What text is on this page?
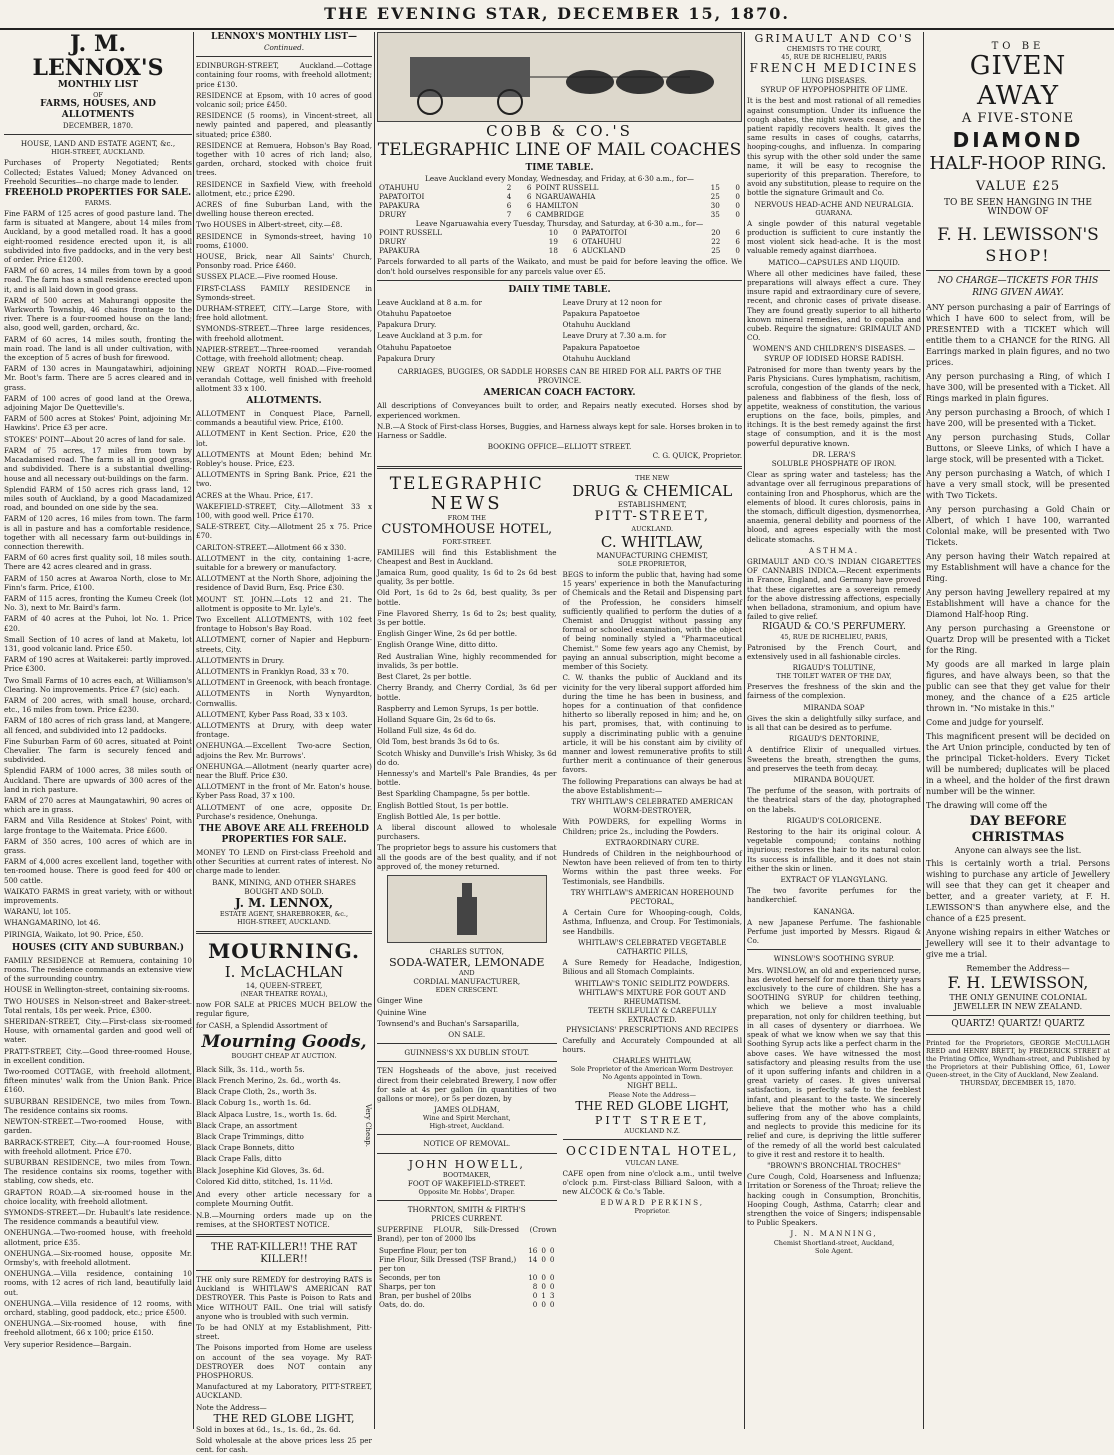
THE EVENING STAR, DECEMBER 15, 1870.
J. M. LENNOX'S
MONTHLY LIST
OF
FARMS, HOUSES, AND ALLOTMENTS
DECEMBER, 1870.
HOUSE, LAND AND ESTATE AGENT, &c.,
HIGH-STREET, AUCKLAND.
Purchases of Property Negotiated; Rents Collected; Estates Valued; Money Advanced on Freehold Securities—no charge made to lender.
FREEHOLD PROPERTIES FOR SALE.
FARMS.
Fine FARM of 125 acres of good pasture land. The farm is situated at Mangere, about 14 miles from Auckland, by a good metalled road. It has a good eight-roomed residence erected upon it, is all subdivided into five paddocks, and in the very best of order. Price £1200.
FARM of 60 acres, 14 miles from town by a good road. The farm has a small residence erected upon it, and is all laid down in good grass.
FARM of 500 acres at Mahurangi opposite the Warkworth Township, 46 chains frontage to the river. There is a four-roomed house on the land; also, good well, garden, orchard, &c.
FARM of 60 acres, 14 miles south, fronting the main road. The land is all under cultivation, with the exception of 5 acres of bush for firewood.
FARM of 130 acres in Maungatawhiri, adjoining Mr. Boot's farm. There are 5 acres cleared and in grass.
FARM of 100 acres of good land at the Orewa, adjoining Major De Quetteville's.
FARM of 500 acres at Stokes' Point, adjoining Mr. Hawkins'. Price £3 per acre.
STOKES' POINT—About 20 acres of land for sale.
FARM of 75 acres, 17 miles from town by Macadamised road. The farm is all in good grass, and subdivided. There is a substantial dwelling-house and all necessary out-buildings on the farm.
Splendid FARM of 150 acres rich grass land, 12 miles south of Auckland, by a good Macadamized road, and bounded on one side by the sea.
FARM of 120 acres, 16 miles from town. The farm is all in pasture and has a comfortable residence, together with all necessary farm out-buildings in connection therewith.
FARM of 60 acres first quality soil, 18 miles south. There are 42 acres cleared and in grass.
FARM of 150 acres at Awaroa North, close to Mr. Finn's farm. Price, £100.
FARM of 115 acres, fronting the Kumeu Creek (lot No. 3), next to Mr. Baird's farm.
FARM of 40 acres at the Puhoi, lot No. 1. Price £20.
Small Section of 10 acres of land at Maketu, lot 131, good volcanic land. Price £50.
FARM of 190 acres at Waitakerei: partly improved. Price £300.
Two Small Farms of 10 acres each, at Williamson's Clearing. No improvements. Price £7 (sic) each.
FARM of 200 acres, with small house, orchard, etc., 16 miles from town. Price £230.
FARM of 180 acres of rich grass land, at Mangere, all fenced, and subdivided into 12 paddocks.
Fine Suburban Farm of 60 acres, situated at Point Chevalier. The farm is securely fenced and subdivided.
Splendid FARM of 1000 acres, 38 miles south of Auckland. There are upwards of 300 acres of the land in rich pasture.
FARM of 270 acres at Maungatawhiri, 90 acres of which are in grass.
FARM and Villa Residence at Stokes' Point, with large frontage to the Waitemata. Price £600.
FARM of 350 acres, 100 acres of which are in grass.
FARM of 4,000 acres excellent land, together with ten-roomed house. There is good feed for 400 or 500 cattle.
WAIKATO FARMS in great variety, with or without improvements.
WARANU, lot 105.
WHANGAMARINO, lot 46.
PIRINGIA, Waikato, lot 90. Price, £50.
HOUSES (CITY AND SUBURBAN.)
FAMILY RESIDENCE at Remuera, containing 10 rooms. The residence commands an extensive view of the surrounding country.
HOUSE in Wellington-street, containing six-rooms.
TWO HOUSES in Nelson-street and Baker-street. Total rentals, 18s per week. Price, £300.
SHERIDAN-STREET, City.—First-class six-roomed House, with ornamental garden and good well of water.
PRATT-STREET, City.—Good three-roomed House, in excellent condition.
Two-roomed COTTAGE, with freehold allotment, fifteen minutes' walk from the Union Bank. Price £160.
SUBURBAN RESIDENCE, two miles from Town. The residence contains six rooms.
NEWTON-STREET.—Two-roomed House, with garden.
BARRACK-STREET, City.—A four-roomed House, with freehold allotment. Price £70.
SUBURBAN RESIDENCE, two miles from Town. The residence contains six rooms, together with stabling, cow sheds, etc.
GRAFTON ROAD.—A six-roomed house in the choice locality, with freehold allotment.
SYMONDS-STREET.—Dr. Hubault's late residence. The residence commands a beautiful view.
ONEHUNGA.—Two-roomed house, with freehold allotment, price £35.
ONEHUNGA.—Six-roomed house, opposite Mr. Ormsby's, with freehold allotment.
ONEHUNGA.—Villa residence, containing 10 rooms, with 12 acres of rich land, beautifully laid out.
ONEHUNGA.—Villa residence of 12 rooms, with orchard, stabling, good paddock, etc.; price £500.
ONEHUNGA.—Six-roomed house, with fine freehold allotment, 66 x 100; price £150.
Very superior Residence—Bargain.
LENNOX'S MONTHLY LIST—
Continued.
EDINBURGH-STREET, Auckland.—Cottage containing four rooms, with freehold allotment; price £130.
RESIDENCE at Epsom, with 10 acres of good volcanic soil; price £450.
RESIDENCE (5 rooms), in Vincent-street, all newly painted and papered, and pleasantly situated; price £380.
RESIDENCE at Remuera, Hobson's Bay Road, together with 10 acres of rich land; also, garden, orchard, stocked with choice fruit trees.
RESIDENCE in Saxfield View, with freehold allotment, etc.; price £290.
ACRES of fine Suburban Land, with the dwelling house thereon erected.
Two HOUSES in Albert-street, city.—£8.
RESIDENCE in Symonds-street, having 10 rooms, £1000.
HOUSE, Brick, near All Saints' Church, Ponsonby road. Price £460.
SUSSEX PLACE.—Five roomed House.
FIRST-CLASS FAMILY RESIDENCE in Symonds-street.
DURHAM-STREET, CITY.—Large Store, with free hold allotment.
SYMONDS-STREET.—Three large residences, with freehold allotment.
NAPIER-STREET.—Three-roomed verandah Cottage, with freehold allotment; cheap.
NEW GREAT NORTH ROAD.—Five-roomed verandah Cottage, well finished with freehold allotment 33 x 100.
ALLOTMENTS.
ALLOTMENT in Conquest Place, Parnell, commands a beautiful view. Price, £100.
ALLOTMENT in Kent Section. Price, £20 the lot.
ALLOTMENTS at Mount Eden; behind Mr. Robley's house. Price, £23.
ALLOTMENTS in Spring Bank. Price, £21 the two.
ACRES at the Whau. Price, £17.
WAKEFIELD-STREET, City.—Allotment 33 x 100, with good well. Price £170.
SALE-STREET, City.—Allotment 25 x 75. Price £70.
CARLTON-STREET.—Allotment 66 x 330.
ALLOTMENT in the city, containing 1-acre, suitable for a brewery or manufactory.
ALLOTMENT at the North Shore, adjoining the residence of David Burn, Esq. Price £30.
MOUNT ST. JOHN.—Lots 12 and 21. The allotment is opposite to Mr. Lyle's.
Two Excellent ALLOTMENTS, with 102 feet frontage to Hobson's Bay Road.
ALLOTMENT, corner of Napier and Hepburn-streets, City.
ALLOTMENTS in Drury.
ALLOTMENTS in Franklyn Road, 33 x 70.
ALLOTMENT in Greenock, with beach frontage.
ALLOTMENTS in North Wynyardton, Cornwallis.
ALLOTMENT, Kyber Pass Road, 33 x 103.
ALLOTMENTS at Drury, with deep water frontage.
ONEHUNGA.—Excellent Two-acre Section, adjoins the Rev. Mr. Burrows'.
ONEHUNGA.—Allotment (nearly quarter acre) near the Bluff. Price £30.
ALLOTMENT in the front of Mr. Eaton's house. Kyber Pass Road, 37 x 100.
ALLOTMENT of one acre, opposite Dr. Purchase's residence, Onehunga.
THE ABOVE ARE ALL FREEHOLD PROPERTIES FOR SALE.
MONEY TO LEND on First-class Freehold and other Securities at current rates of interest. No charge made to lender.
BANK, MINING, AND OTHER SHARES BOUGHT AND SOLD.
J. M. LENNOX,
ESTATE AGENT, SHAREBROKER, &c.,
HIGH-STREET, AUCKLAND.
MOURNING.
I. McLACHLAN
14, QUEEN-STREET,
(NEAR THEATRE ROYAL),
now FOR SALE at PRICES MUCH BELOW the regular figure,
for CASH, a Splendid Assortment of
Mourning Goods,
BOUGHT CHEAP AT AUCTION.
Black Silk, 3s. 11d., worth 5s.
Black French Merino, 2s. 6d., worth 4s.
Black Crape Cloth, 2s., worth 3s.
Black Coburg 1s., worth 1s. 6d.
Black Alpaca Lustre, 1s., worth 1s. 6d.
Black Crape, an assortment
Black Crape Trimmings, ditto
Black Crape Bonnets, ditto
Black Crape Falls, ditto
Black Josephine Kid Gloves, 3s. 6d.
Colored Kid ditto, stitched, 1s. 11½d.
Very Cheap.
And every other article necessary for a complete Mourning Outfit.
N.B.—Mourning orders made up on the remises, at the SHORTEST NOTICE.
THE RAT-KILLER!! THE RAT KILLER!!
THE only sure REMEDY for destroying RATS is Auckland is WHITLAW'S AMERICAN RAT DESTROYER. This Paste is Poison to Rats and Mice WITHOUT FAIL. One trial will satisfy anyone who is troubled with such vermin.
To be had ONLY at my Establishment, Pitt-street.
The Poisons imported from Home are useless on account of the sea voyage. My RAT-DESTROYER does NOT contain any PHOSPHORUS.
Manufactured at my Laboratory, PITT-STREET, AUCKLAND.
Note the Address—
THE RED GLOBE LIGHT,
Sold in boxes at 6d., 1s., 1s. 6d., 2s. 6d.
Sold wholesale at the above prices less 25 per cent. for cash.
COBB & CO.'S
TELEGRAPHIC LINE OF MAIL COACHES
TIME TABLE.
Leave Auckland every Monday, Wednesday, and Friday, at 6·30 a.m., for—
OTAHUHU	2	6	POINT RUSSELL	15	0
PAPATOITOI	4	6	NGARUAWAHIA	25	0
PAPAKURA	6	6	HAMILTON	30	0
DRURY	7	6	CAMBRIDGE	35	0
Leave Ngaruawahia every Tuesday, Thursday, and Saturday, at 6·30 a.m., for—
POINT RUSSELL	10	0	PAPATOITOI	20	6
DRURY	19	6	OTAHUHU	22	6
PAPAKURA	18	6	AUCKLAND	25	0
Parcels forwarded to all parts of the Waikato, and must be paid for before leaving the office. We don't hold ourselves responsible for any parcels value over £5.
DAILY TIME TABLE.
Leave Auckland at 8 a.m. for
Otahuhu Papatoetoe
Papakura Drury.
Leave Auckland at 3 p.m. for
Otahuhu Papatoetoe
Papakura Drury
Leave Drury at 12 noon for
Papakura Papatoetoe
Otahuhu Auckland
Leave Drury at 7.30 a.m. for
Papakura Papatoetoe
Otahuhu Auckland
CARRIAGES, BUGGIES, OR SADDLE HORSES CAN BE HIRED FOR ALL PARTS OF THE PROVINCE.
AMERICAN COACH FACTORY.
All descriptions of Conveyances built to order, and Repairs neatly executed. Horses shod by experienced workmen.
N.B.—A Stock of First-class Horses, Buggies, and Harness always kept for sale. Horses broken in to Harness or Saddle.
BOOKING OFFICE—ELLIOTT STREET.
C. G. QUICK, Proprietor.
TELEGRAPHIC
NEWS
FROM THE
CUSTOMHOUSE HOTEL,
FORT-STREET.
FAMILIES will find this Establishment the Cheapest and Best in Auckland.
Jamaica Rum, good quality, 1s 6d to 2s 6d best quality, 3s per bottle.
Old Port, 1s 6d to 2s 6d, best quality, 3s per bottle.
Fine Flavored Sherry, 1s 6d to 2s; best quality, 3s per bottle.
English Ginger Wine, 2s 6d per bottle.
English Orange Wine, ditto ditto.
Red Australian Wine, highly recommended for invalids, 3s per bottle.
Best Claret, 2s per bottle.
Cherry Brandy, and Cherry Cordial, 3s 6d per bottle.
Raspberry and Lemon Syrups, 1s per bottle.
Holland Square Gin, 2s 6d to 6s.
Holland Full size, 4s 6d do.
Old Tom, best brands 3s 6d to 6s.
Scotch Whisky and Dunville's Irish Whisky, 3s 6d do do.
Hennessy's and Martell's Pale Brandies, 4s per bottle.
Best Sparkling Champagne, 5s per bottle.
English Bottled Stout, 1s per bottle.
English Bottled Ale, 1s per bottle.
A liberal discount allowed to wholesale purchasers.
The proprietor begs to assure his customers that all the goods are of the best quality, and if not approved of, the money returned.
CHARLES SUTTON,
SODA-WATER, LEMONADE
AND
CORDIAL MANUFACTURER,
EDEN CRESCENT.
Ginger Wine
Quinine Wine
Townsend's and Buchan's Sarsaparilla,
ON SALE.
GUINNESS'S XX DUBLIN STOUT.
TEN Hogsheads of the above, just received direct from their celebrated Brewery, I now offer for sale at 4s per gallon (in quantities of two gallons or more), or 5s per dozen, by
JAMES OLDHAM,
Wine and Spirit Merchant,
High-street, Auckland.
NOTICE OF REMOVAL.
JOHN HOWELL,
BOOTMAKER,
FOOT OF WAKEFIELD-STREET.
Opposite Mr. Hobbs', Draper.
THORNTON, SMITH & FIRTH'S
PRICES CURRENT.
SUPERFINE FLOUR, Silk-Dressed (Crown Brand), per ton of 2000 lbs
Superfine Flour, per ton	16	0	0
Fine Flour, Silk Dressed (TSF Brand,) per ton	14	0	0
Seconds, per ton	10	0	0
Sharps, per ton	8	0	0
Bran, per bushel of 20lbs	0	1	3
Oats, do. do.	0	0	0
THE NEW
DRUG & CHEMICAL
ESTABLISHMENT,
PITT-STREET,
AUCKLAND.
C. WHITLAW,
MANUFACTURING CHEMIST,
SOLE PROPRIETOR,
BEGS to inform the public that, having had some 15 years' experience in both the Manufacturing of Chemicals and the Retail and Dispensing part of the Profession, he considers himself sufficiently qualified to perform the duties of a Chemist and Druggist without passing any formal or schooled examination, with the object of being nominally styled a "Pharmaceutical Chemist." Some few years ago any Chemist, by paying an annual subscription, might become a member of this Society.
C. W. thanks the public of Auckland and its vicinity for the very liberal support afforded him during the time he has been in business, and hopes for a continuation of that confidence hitherto so liberally reposed in him; and he, on his part, promises, that, with continuing to supply a discriminating public with a genuine article, it will be his constant aim by civility of manner and lowest remunerative profits to still further merit a continuance of their generous favors.
The following Preparations can always be had at the above Establishment:—
TRY WHITLAW'S CELEBRATED AMERICAN WORM-DESTROYER,
With POWDERS, for expelling Worms in Children; price 2s., including the Powders.
EXTRAORDINARY CURE.
Hundreds of Children in the neighbourhood of Newton have been relieved of from ten to thirty Worms within the past three weeks. For Testimonials, see Handbills.
TRY WHITLAW'S AMERICAN HOREHOUND PECTORAL,
A Certain Cure for Whooping-cough, Colds, Asthma, Influenza, and Croup. For Testimonials, see Handbills.
WHITLAW'S CELEBRATED VEGETABLE CATHARTIC PILLS,
A Sure Remedy for Headache, Indigestion, Bilious and all Stomach Complaints.
WHITLAW'S TONIC SEIDLITZ POWDERS.
WHITLAW'S MIXTURE FOR GOUT AND RHEUMATISM.
TEETH SKILFULLY & CAREFULLY EXTRACTED.
PHYSICIANS' PRESCRIPTIONS AND RECIPES
Carefully and Accurately Compounded at all hours.
CHARLES WHITLAW,
Sole Proprietor of the American Worm Destroyer.
No Agents appointed in Town.
NIGHT BELL.
Please Note the Address—
THE RED GLOBE LIGHT,
PITT STREET,
AUCKLAND N.Z.
OCCIDENTAL HOTEL,
VULCAN LANE.
CAFE open from nine o'clock a.m., until twelve o'clock p.m. First-class Billiard Saloon, with a new ALCOCK & Co.'s Table.
EDWARD PERKINS,
Proprietor.
GRIMAULT AND CO'S
CHEMISTS TO THE COURT,
45, RUE DE RICHELIEU, PARIS
FRENCH MEDICINES
LUNG DISEASES.
SYRUP OF HYPOPHOSPHITE OF LIME.
It is the best and most rational of all remedies against consumption. Under its influence the cough abates, the night sweats cease, and the patient rapidly recovers health. It gives the same results in cases of coughs, catarrhs, hooping-coughs, and influenza. In comparing this syrup with the other sold under the same name, it will be easy to recognise the superiority of this preparation. Therefore, to avoid any substitution, please to require on the bottle the signature Grimault and Co.
NERVOUS HEAD-ACHE AND NEURALGIA.
GUARANA.
A single powder of this natural vegetable production is sufficient to cure instantly the most violent sick head-ache. It is the most valuable remedy against diarrhoea.
MATICO—CAPSULES AND LIQUID.
Where all other medicines have failed, these preparations will always effect a cure. They insure rapid and extraordinary cure of severe, recent, and chronic cases of private disease. They are found greatly superior to all hitherto known mineral remedies, and to copaiba and cubeb. Require the signature: GRIMAULT AND CO.
WOMEN'S AND CHILDREN'S DISEASES. —SYRUP OF IODISED HORSE RADISH.
Patronised for more than twenty years by the Paris Physicians. Cures lymphatism, rachitism, scrofula, congestion of the glands of the neck, paleness and flabbiness of the flesh, loss of appetite, weakness of constitution, the various eruptions on the face, boils, pimples, and itchings. It is the best remedy against the first stage of consumption, and it is the most powerful depurative known.
DR. LERA'S
SOLUBLE PHOSPHATE OF IRON.
Clear as spring water and tasteless; has the advantage over all ferruginous preparations of containing Iron and Phosphorus, which are the elements of blood. It cures chlorosis, pains in the stomach, difficult digestion, dysmenorrhea, anaemia, general debility and poorness of the blood, and agrees especially with the most delicate stomachs.
ASTHMA.
GRIMAULT AND CO.'S INDIAN CIGARETTES OF CANNABIS INDICA.—Recent experiments in France, England, and Germany have proved that these cigarettes are a sovereign remedy for the above distressing affections, especially when belladona, stramonium, and opium have failed to give relief.
RIGAUD & CO.'S PERFUMERY.
45, RUE DE RICHELIEU, PARIS,
Patronised by the French Court, and extensively used in all fashionable circles.
RIGAUD'S TOLUTINE,
THE TOILET WATER OF THE DAY,
Preserves the freshness of the skin and the fairness of the complexion.
MIRANDA SOAP
Gives the skin a delightfully silky surface, and is all that can be desired as to perfume.
RIGAUD'S DENTORINE,
A dentifrice Elixir of unequalled virtues. Sweetens the breath, strengthen the gums, and preserves the teeth from decay.
MIRANDA BOUQUET.
The perfume of the season, with portraits of the theatrical stars of the day, photographed on the labels.
RIGAUD'S COLORICENE.
Restoring to the hair its original colour. A vegetable compound; contains nothing injurious; restores the hair to its natural color. Its success is infallible, and it does not stain either the skin or linen.
EXTRACT OF YLANGYLANG.
The two favorite perfumes for the handkerchief.
KANANGA.
A new Japanese Perfume. The fashionable Perfume just imported by Messrs. Rigaud & Co.
WINSLOW'S SOOTHING SYRUP.
Mrs. WINSLOW, an old and experienced nurse, has devoted herself for more than thirty years exclusively to the cure of children. She has a SOOTHING SYRUP for children teething, which we believe a most invaluable preparation, not only for children teething, but in all cases of dysentery or diarrhoea. We speak of what we know when we say that this Soothing Syrup acts like a perfect charm in the above cases. We have witnessed the most satisfactory and pleasing results from the use of it upon suffering infants and children in a great variety of cases. It gives universal satisfaction, is perfectly safe to the feeblest infant, and pleasant to the taste. We sincerely believe that the mother who has a child suffering from any of the above complaints, and neglects to provide this medicine for its relief and cure, is depriving the little sufferer of the remedy of all the world best calculated to give it rest and restore it to health.
"BROWN'S BRONCHIAL TROCHES"
Cure Cough, Cold, Hoarseness and Influenza; Irritation or Soreness of the Throat; relieve the hacking cough in Consumption, Bronchitis, Hooping Cough, Asthma, Catarrh; clear and strengthen the voice of Singers; indispensable to Public Speakers.
J. N. MANNING,
Chemist Shortland-street, Auckland,
Sole Agent.
TO BE
GIVEN AWAY
A FIVE-STONE
DIAMOND
HALF-HOOP RING.
VALUE £25
TO BE SEEN HANGING IN THE
WINDOW OF
F. H. LEWISSON'S
SHOP!
NO CHARGE—TICKETS FOR THIS RING GIVEN AWAY.

ANY person purchasing a pair of Earrings of which I have 600 to select from, will be PRESENTED with a TICKET which will entitle them to a CHANCE for the RING. All Earrings marked in plain figures, and no two prices.

Any person purchasing a Ring, of which I have 300, will be presented with a Ticket. All Rings marked in plain figures.

Any person purchasing a Brooch, of which I have 200, will be presented with a Ticket.

Any person purchasing Studs, Collar Buttons, or Sleeve Links, of which I have a large stock, will be presented with a Ticket.

Any person purchasing a Watch, of which I have a very small stock, will be presented with Two Tickets.

Any person purchasing a Gold Chain or Albert, of which I have 100, warranted Colonial make, will be presented with Two Tickets.

Any person having their Watch repaired at my Establishment will have a chance for the Ring.

Any person having Jewellery repaired at my Establishment will have a chance for the Diamond Half-hoop Ring.

Any person purchasing a Greenstone or Quartz Drop will be presented with a Ticket for the Ring.

My goods are all marked in large plain figures, and have always been, so that the public can see that they get value for their money, and the chance of a £25 article thrown in. "No mistake in this."

Come and judge for yourself.

This magnificent present will be decided on the Art Union principle, conducted by ten of the principal Ticket-holders. Every Ticket will be numbered; duplicates will be placed in a wheel, and the holder of the first drawn number will be the winner.

The drawing will come off the

DAY BEFORE CHRISTMAS
Anyone can always see the list.

This is certainly worth a trial. Persons wishing to purchase any article of Jewellery will see that they can get it cheaper and better, and a greater variety, at F. H. LEWISSON'S than anywhere else, and the chance of a £25 present.

Anyone wishing repairs in either Watches or Jewellery will see it to their advantage to give me a trial.

Remember the Address—
F. H. LEWISSON,
THE ONLY GENUINE COLONIAL
JEWELLER IN NEW ZEALAND.
QUARTZ! QUARTZ! QUARTZ
Printed for the Proprietors, GEORGE McCULLAGH REED and HENRY BRETT, by FREDERICK STREET at the Printing Office, Wyndham-street, and Published by the Proprietors at their Publishing Office, 61, Lower Queen-street, in the City of Auckland, New Zealand.
THURSDAY, DECEMBER 15, 1870.
